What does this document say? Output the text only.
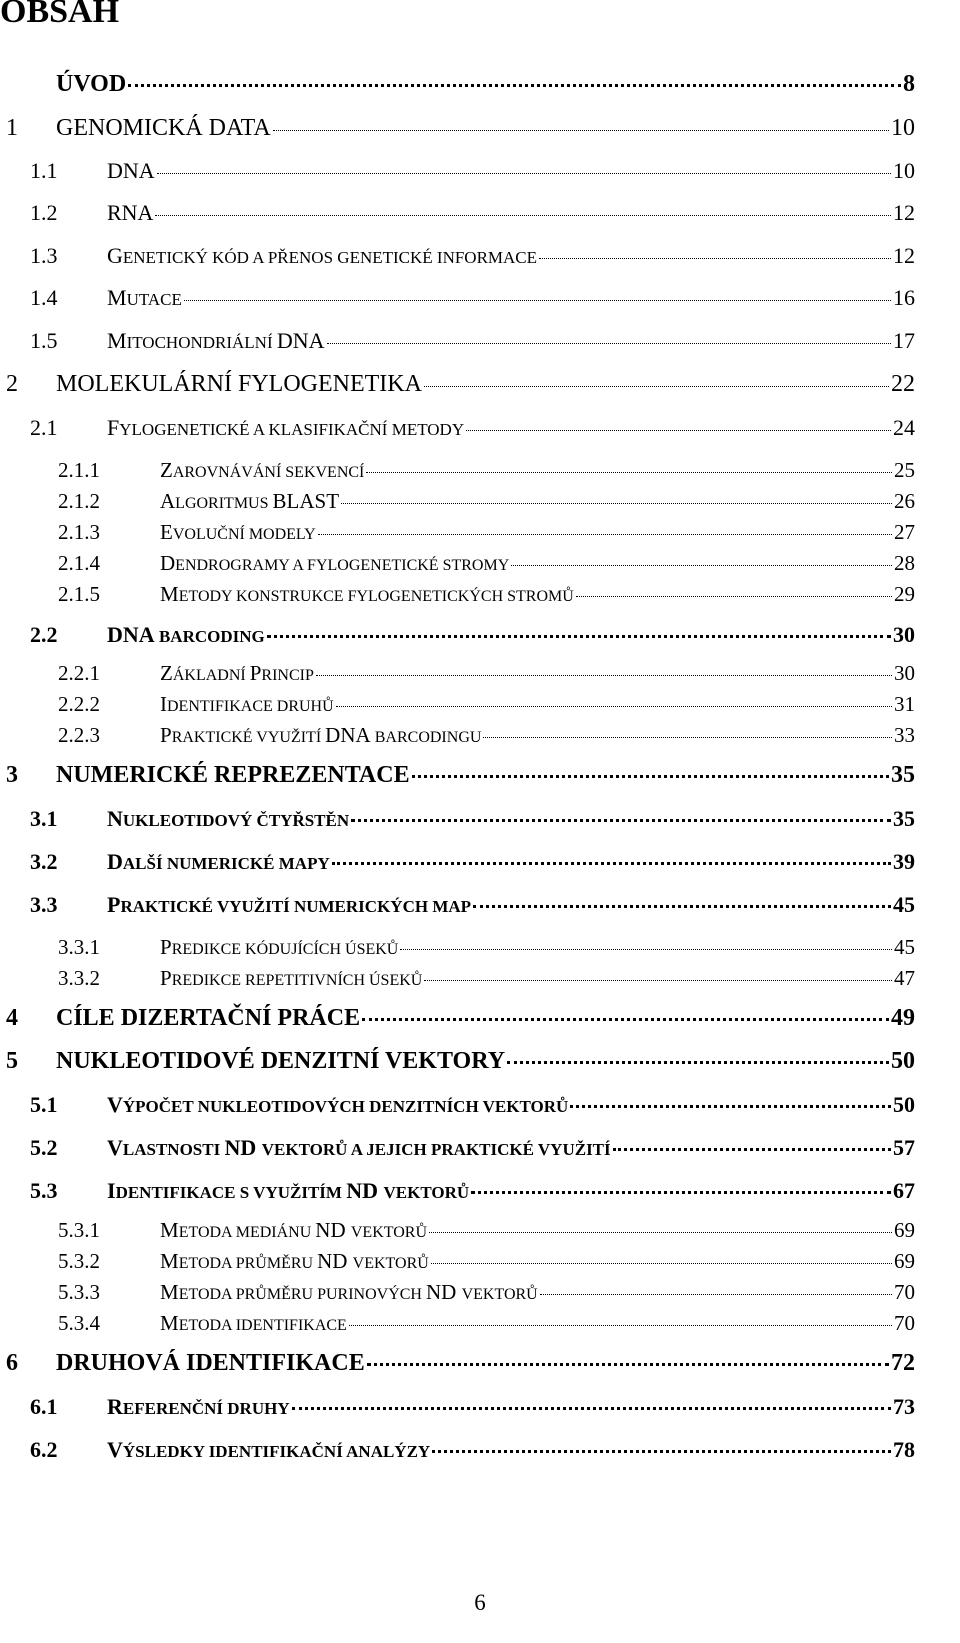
OBSAH
ÚVOD	8
1	GENOMICKÁ DATA	10
1.1	DNA	10
1.2	RNA	12
1.3	GENETICKÝ KÓD A PŘENOS GENETICKÉ INFORMACE	12
1.4	MUTACE	16
1.5	MITOCHONDRIÁLNÍ DNA	17
2	MOLEKULÁRNÍ FYLOGENETIKA	22
2.1	FYLOGENETICKÉ A KLASIFIKAČNÍ METODY	24
2.1.1	ZAROVNÁVÁNÍ SEKVENCÍ	25
2.1.2	ALGORITMUS BLAST	26
2.1.3	EVOLUČNÍ MODELY	27
2.1.4	DENDROGRAMY A FYLOGENETICKÉ STROMY	28
2.1.5	METODY KONSTRUKCE FYLOGENETICKÝCH STROMŮ	29
2.2	DNA BARCODING	30
2.2.1	ZÁKLADNÍ PRINCIP	30
2.2.2	IDENTIFIKACE DRUHŮ	31
2.2.3	PRAKTICKÉ VYUŽITÍ DNA BARCODINGU	33
3	NUMERICKÉ REPREZENTACE	35
3.1	NUKLEOTIDOVÝ ČTYŘSTĚN	35
3.2	DALŠÍ NUMERICKÉ MAPY	39
3.3	PRAKTICKÉ VYUŽITÍ NUMERICKÝCH MAP	45
3.3.1	PREDIKCE KÓDUJÍCÍCH ÚSEKŮ	45
3.3.2	PREDIKCE REPETITIVNÍCH ÚSEKŮ	47
4	CÍLE DIZERTAČNÍ PRÁCE	49
5	NUKLEOTIDOVÉ DENZITNÍ VEKTORY	50
5.1	VÝPOČET NUKLEOTIDOVÝCH DENZITNÍCH VEKTORŮ	50
5.2	VLASTNOSTI ND VEKTORŮ A JEJICH PRAKTICKÉ VYUŽITÍ	57
5.3	IDENTIFIKACE S VYUŽITÍM ND VEKTORŮ	67
5.3.1	METODA MEDIÁNU ND VEKTORŮ	69
5.3.2	METODA PRŮMĚRU ND VEKTORŮ	69
5.3.3	METODA PRŮMĚRU PURINOVÝCH ND VEKTORŮ	70
5.3.4	METODA IDENTIFIKACE	70
6	DRUHOVÁ IDENTIFIKACE	72
6.1	REFERENČNÍ DRUHY	73
6.2	VÝSLEDKY IDENTIFIKAČNÍ ANALÝZY	78
6
